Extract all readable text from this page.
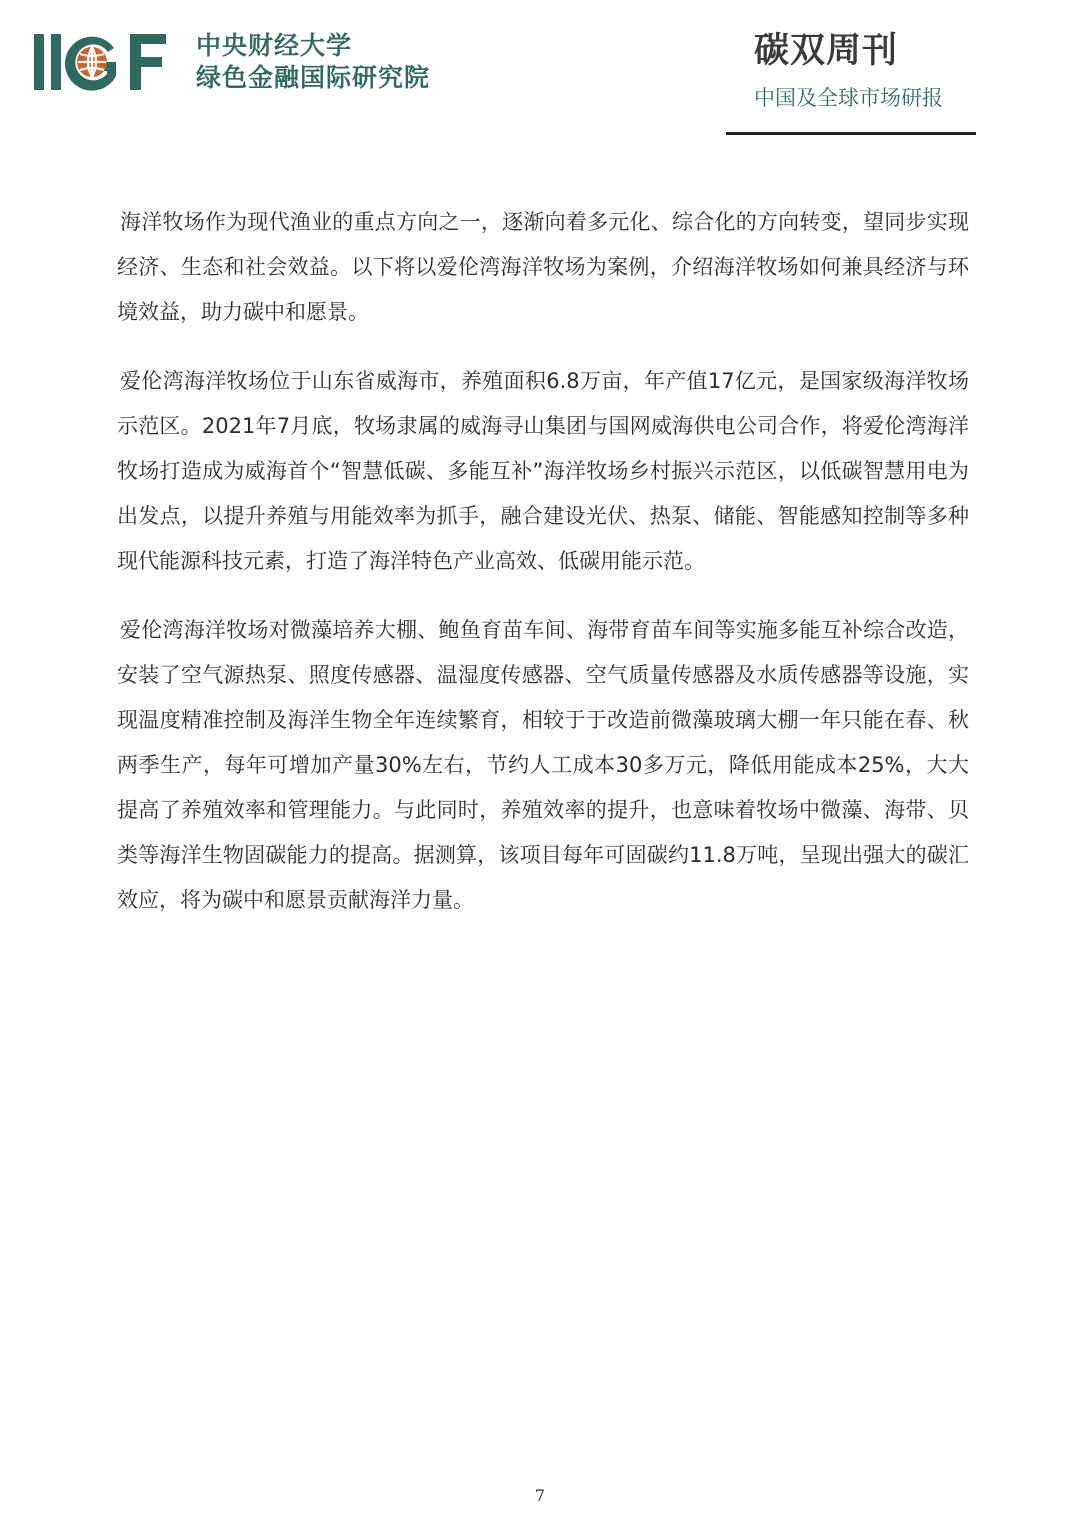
中央财经大学
绿色金融国际研究院
碳双周刊
中国及全球市场研报

海洋牧场作为现代渔业的重点方向之一，逐渐向着多元化、综合化的方向转变，望同步实现经济、生态和社会效益。以下将以爱伦湾海洋牧场为案例，介绍海洋牧场如何兼具经济与环境效益，助力碳中和愿景。

爱伦湾海洋牧场位于山东省威海市，养殖面积6.8万亩，年产值17亿元，是国家级海洋牧场示范区。2021年7月底，牧场隶属的威海寻山集团与国网威海供电公司合作，将爱伦湾海洋牧场打造成为威海首个“智慧低碳、多能互补”海洋牧场乡村振兴示范区，以低碳智慧用电为出发点，以提升养殖与用能效率为抓手，融合建设光伏、热泵、储能、智能感知控制等多种现代能源科技元素，打造了海洋特色产业高效、低碳用能示范。

爱伦湾海洋牧场对微藻培养大棚、鲍鱼育苗车间、海带育苗车间等实施多能互补综合改造，安装了空气源热泵、照度传感器、温湿度传感器、空气质量传感器及水质传感器等设施，实现温度精准控制及海洋生物全年连续繁育，相较于于改造前微藻玻璃大棚一年只能在春、秋两季生产，每年可增加产量30%左右，节约人工成本30多万元，降低用能成本25%，大大提高了养殖效率和管理能力。与此同时，养殖效率的提升，也意味着牧场中微藻、海带、贝类等海洋生物固碳能力的提高。据测算，该项目每年可固碳约11.8万吨，呈现出强大的碳汇效应，将为碳中和愿景贡献海洋力量。

7
